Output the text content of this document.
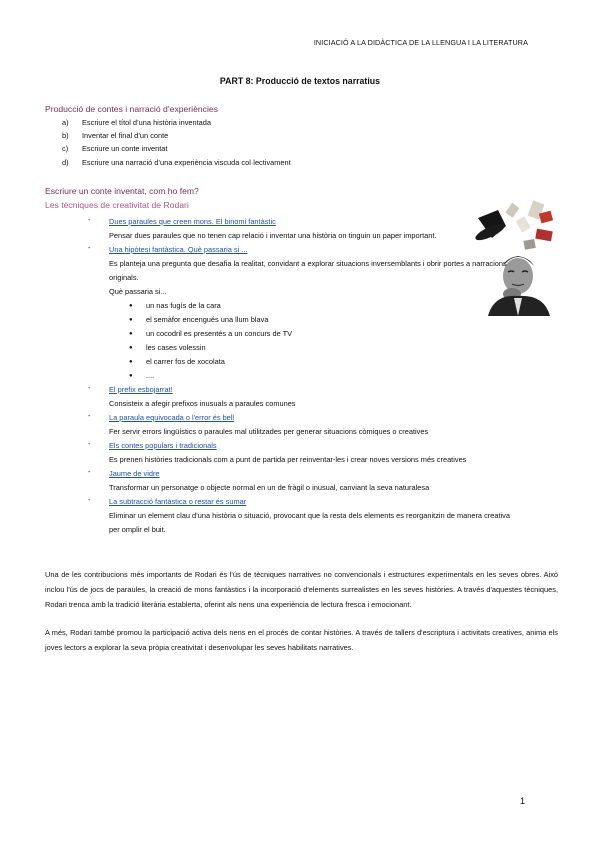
INICIACIÓ A LA DIDÀCTICA DE LA LLENGUA I LA LITERATURA
PART 8: Producció de textos narratius
Producció de contes i narració d’experiències
a)	Escriure el títol d’una història inventada
b)	Inventar el final d’un conte
c)	Escriure un conte inventat
d)	Escriure una narració d’una experiència viscuda col·lectivament
Escriure un conte inventat, com ho fem?
Les tècniques de creativitat de Rodari
-	Dues paraules que creen mons. El binomi fantàstic

Pensar dues paraules que no tenen cap relació i inventar una història on tinguin un paper important.

-	Una hipòtesi fantàstica. Què passaria si ...

Es planteja una pregunta que desafia la realitat, convidant a explorar situacions inversemblants i obrir portes a narracions originals.

Què passaria si...

● un nas fugís de la cara
● el semàfor encengués una llum blava
● un cocodril es presentés a un concurs de TV
● les cases volessin
● el carrer fos de xocolata
● ....
-	El prefix esbojarrat!

Consisteix a afegir prefixos inusuals a paraules comunes

-	La paraula equivocada o l'error és bell

Fer servir errors lingüístics o paraules mal utilitzades per generar situacions còmiques o creatives

-	Els contes populars i tradicionals

Es prenen històries tradicionals com a punt de partida per reinventar-les i crear noves versions més creatives

-	Jaume de vidre

Transformar un personatge o objecte normal en un de fràgil o inusual, canviant la seva naturalesa

-	La subtracció fantàstica o restar és sumar

Eliminar un element clau d’una història o situació, provocant que la resta dels elements es reorganitzin de manera creativa per omplir el buit.

Una de les contribucions més importants de Rodari és l'ús de tècniques narratives no convencionals i estructures experimentals en les seves obres. Això inclou l'ús de jocs de paraules, la creació de mons fantàstics i la incorporació d'elements surrealistes en les seves històries. A través d'aquestes tècniques, Rodari trenca amb la tradició literària establerta, oferint als nens una experiència de lectura fresca i emocionant.

A més, Rodari també promou la participació activa dels nens en el procés de contar històries. A través de tallers d'escriptura i activitats creatives, anima els joves lectors a explorar la seva pròpia creativitat i desenvolupar les seves habilitats narratives.

1
